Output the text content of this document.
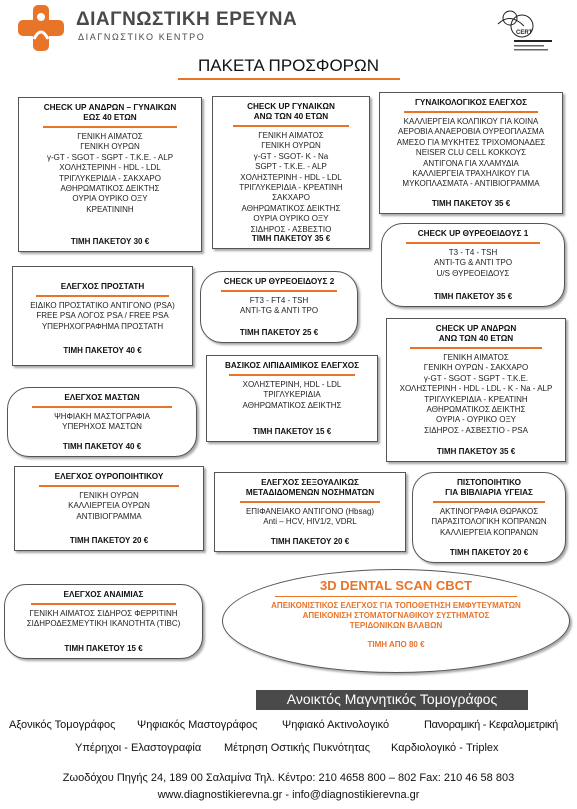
ΔΙΑΓΝΩΣΤΙΚΗ ΕΡΕΥΝΑ
ΔΙΑΓΝΩΣΤΙΚΟ ΚΕΝΤΡΟ	CERT
ΠΑΚΕΤΑ ΠΡΟΣΦΟΡΩΝ
CHECK UP ΑΝΔΡΩΝ – ΓΥΝΑΙΚΩΝ
ΕΩΣ 40 ΕΤΩΝ
ΓΕΝΙΚΗ ΑΙΜΑΤΟΣ
ΓΕΝΙΚΗ ΟΥΡΩΝ
γ-GT - SGOT - SGPT - T.K.E. - ALP
ΧΟΛΗΣΤΕΡΙΝΗ - HDL - LDL
ΤΡΙΓΛΥΚΕΡΙΔΙΑ - ΣΑΚΧΑΡΟ
ΑΘΗΡΩΜΑΤΙΚΟΣ ΔΕΙΚΤΗΣ
ΟΥΡΙΑ ΟΥΡΙΚΟ ΟΞΥ
ΚΡΕΑΤΙΝΙΝΗ
ΤΙΜΗ ΠΑΚΕΤΟΥ 30 €
CHECK UP ΓΥΝΑΙΚΩΝ
ΑΝΩ ΤΩΝ 40 ΕΤΩΝ
ΓΕΝΙΚΗ ΑΙΜΑΤΟΣ
ΓΕΝΙΚΗ ΟΥΡΩΝ
γ-GT - SGOT- K - Na
SGPT - T.K.E. - ALP
ΧΟΛΗΣΤΕΡΙΝΗ - HDL - LDL
ΤΡΙΓΛΥΚΕΡΙΔΙΑ - ΚΡΕΑΤΙΝΗ
ΣΑΚΧΑΡΟ
ΑΘΗΡΩΜΑΤΙΚΟΣ ΔΕΙΚΤΗΣ
ΟΥΡΙΑ ΟΥΡΙΚΟ ΟΞΥ
ΣΙΔΗΡΟΣ - ΑΣΒΕΣΤΙΟ
ΤΙΜΗ ΠΑΚΕΤΟΥ 35 €
ΓΥΝΑΙΚΟΛΟΓΙΚΟΣ ΕΛΕΓΧΟΣ
ΚΑΛΛΙΕΡΓΕΙΑ ΚΟΛΠΙΚΟΥ ΓΙΑ ΚΟΙΝΑ
ΑΕΡΟΒΙΑ ΑΝΑΕΡΟΒΙΑ ΟΥΡΕΟΠΛΑΣΜΑ
ΑΜΕΣΟ ΓΙΑ ΜΥΚΗΤΕΣ ΤΡΙΧΟΜΟΝΑΔΕΣ
NEISER CLU CELL ΚΟΚΚΟΥΣ
ΑΝΤΙΓΟΝΑ ΓΙΑ ΧΛΑΜΥΔΙΑ
ΚΑΛΛΙΕΡΓΕΙΑ ΤΡΑΧΗΛΙΚΟΥ ΓΙΑ
ΜΥΚΟΠΛΑΣΜΑΤΑ - ΑΝΤΙΒΙΟΓΡΑΜΜΑ
ΤΙΜΗ ΠΑΚΕΤΟΥ 35 €
CHECK UP ΘΥΡΕΟΕΙΔΟΥΣ 1
T3 - T4 - TSH
ANTI-TG & ANTI TPO
U/S ΘΥΡΕΟΕΙΔΟΥΣ
ΤΙΜΗ ΠΑΚΕΤΟΥ 35 €
ΕΛΕΓΧΟΣ ΠΡΟΣΤΑΤΗ
ΕΙΔΙΚΟ ΠΡΟΣΤΑΤΙΚΟ ΑΝΤΙΓΟΝΟ (PSA)
FREE PSA ΛΟΓΟΣ PSA / FREE PSA
ΥΠΕΡΗΧΟΓΡΑΦΗΜΑ ΠΡΟΣΤΑΤΗ
ΤΙΜΗ ΠΑΚΕΤΟΥ 40 €
CHECK UP ΘΥΡΕΟΕΙΔΟΥΣ 2
FT3 - FT4 - TSH
ANTI-TG & ANTI TPO
ΤΙΜΗ ΠΑΚΕΤΟΥ 25 €	CHECK UP ΑΝΔΡΩΝ
ΑΝΩ ΤΩΝ 40 ΕΤΩΝ
ΓΕΝΙΚΗ ΑΙΜΑΤΟΣ
ΓΕΝΙΚΗ ΟΥΡΩΝ - ΣΑΚΧΑΡΟ
γ-GT - SGOT - SGPT - T.K.E.
ΧΟΛΗΣΤΕΡΙΝΗ - HDL - LDL - K - Na - ALP
ΤΡΙΓΛΥΚΕΡΙΔΙΑ - ΚΡΕΑΤΙΝΗ
ΑΘΗΡΩΜΑΤΙΚΟΣ ΔΕΙΚΤΗΣ
ΟΥΡΙΑ - ΟΥΡΙΚΟ ΟΞΥ
ΣΙΔΗΡΟΣ - ΑΣΒΕΣΤΙΟ - PSA
ΤΙΜΗ ΠΑΚΕΤΟΥ 35 €
ΒΑΣΙΚΟΣ ΛΙΠΙΔΑΙΜΙΚΟΣ ΕΛΕΓΧΟΣ
ΧΟΛΗΣΤΕΡΙΝΗ, HDL - LDL
ΤΡΙΓΛΥΚΕΡΙΔΙΑ
ΑΘΗΡΩΜΑΤΙΚΟΣ ΔΕΙΚΤΗΣ
ΤΙΜΗ ΠΑΚΕΤΟΥ 15 €
ΕΛΕΓΧΟΣ ΜΑΣΤΩΝ
ΨΗΦΙΑΚΗ ΜΑΣΤΟΓΡΑΦΙΑ
ΥΠΕΡΗΧΟΣ ΜΑΣΤΩΝ
ΤΙΜΗ ΠΑΚΕΤΟΥ 40 €
ΕΛΕΓΧΟΣ ΟΥΡΟΠΟΙΗΤΙΚΟΥ
ΓΕΝΙΚΗ ΟΥΡΩΝ
ΚΑΛΛΙΕΡΓΕΙΑ ΟΥΡΩΝ
ΑΝΤΙΒΙΟΓΡΑΜΜΑ
ΤΙΜΗ ΠΑΚΕΤΟΥ 20 €
ΕΛΕΓΧΟΣ ΣΕΞΟΥΑΛΙΚΩΣ
ΜΕΤΑΔΙΔΟΜΕΝΩΝ ΝΟΣΗΜΑΤΩΝ
ΕΠΙΦΑΝΕΙΑΚΟ ΑΝΤΙΓΟΝΟ (Hbsag)
Anti – HCV, HIV1/2, VDRL
ΤΙΜΗ ΠΑΚΕΤΟΥ 20 €
ΠΙΣΤΟΠΟΙΗΤΙΚΟ
ΓΙΑ ΒΙΒΛΙΑΡΙΑ ΥΓΕΙΑΣ
ΑΚΤΙΝΟΓΡΑΦΙΑ ΘΩΡΑΚΟΣ
ΠΑΡΑΣΙΤΟΛΟΓΙΚΗ ΚΟΠΡΑΝΩΝ
ΚΑΛΛΙΕΡΓΕΙΑ ΚΟΠΡΑΝΩΝ
ΤΙΜΗ ΠΑΚΕΤΟΥ 20 €
ΕΛΕΓΧΟΣ ΑΝΑΙΜΙΑΣ
ΓΕΝΙΚΗ ΑΙΜΑΤΟΣ ΣΙΔΗΡΟΣ ΦΕΡΡΙΤΙΝΗ
ΣΙΔΗΡΟΔΕΣΜΕΥΤΙΚΗ ΙΚΑΝΟΤΗΤΑ (TIBC)
ΤΙΜΗ ΠΑΚΕΤΟΥ 15 €
3D DENTAL SCAN CBCT
ΑΠΕΙΚΟΝΙΣΤΙΚΟΣ ΕΛΕΓΧΟΣ ΓΙΑ ΤΟΠΟΘΕΤΗΣΗ ΕΜΦΥΤΕΥΜΑΤΩΝ
ΑΠΕΙΚΟΝΙΣΗ ΣΤΟΜΑΤΟΓΝΑΘΙΚΟΥ ΣΥΣΤΗΜΑΤΟΣ
ΤΕΡΙΔΟΝΙΚΩΝ ΒΛΑΒΩΝ
ΤΙΜΗ ΑΠΟ 80 €
Ανοικτός Μαγνητικός Τομογράφος
Αξονικός Τομογράφος Ψηφιακός Μαστογράφος Ψηφιακό Ακτινολογικό	Πανοραμική - Κεφαλομετρική
Υπέρηχοι - Ελαστογραφία Μέτρηση Οστικής Πυκνότητας Καρδιολογικό - Triplex
Ζωοδόχου Πηγής 24, 189 00 Σαλαμίνα Τηλ. Κέντρο: 210 4658 800 – 802 Fax: 210 46 58 803
www.diagnostikierevna.gr - info@diagnostikierevna.gr
